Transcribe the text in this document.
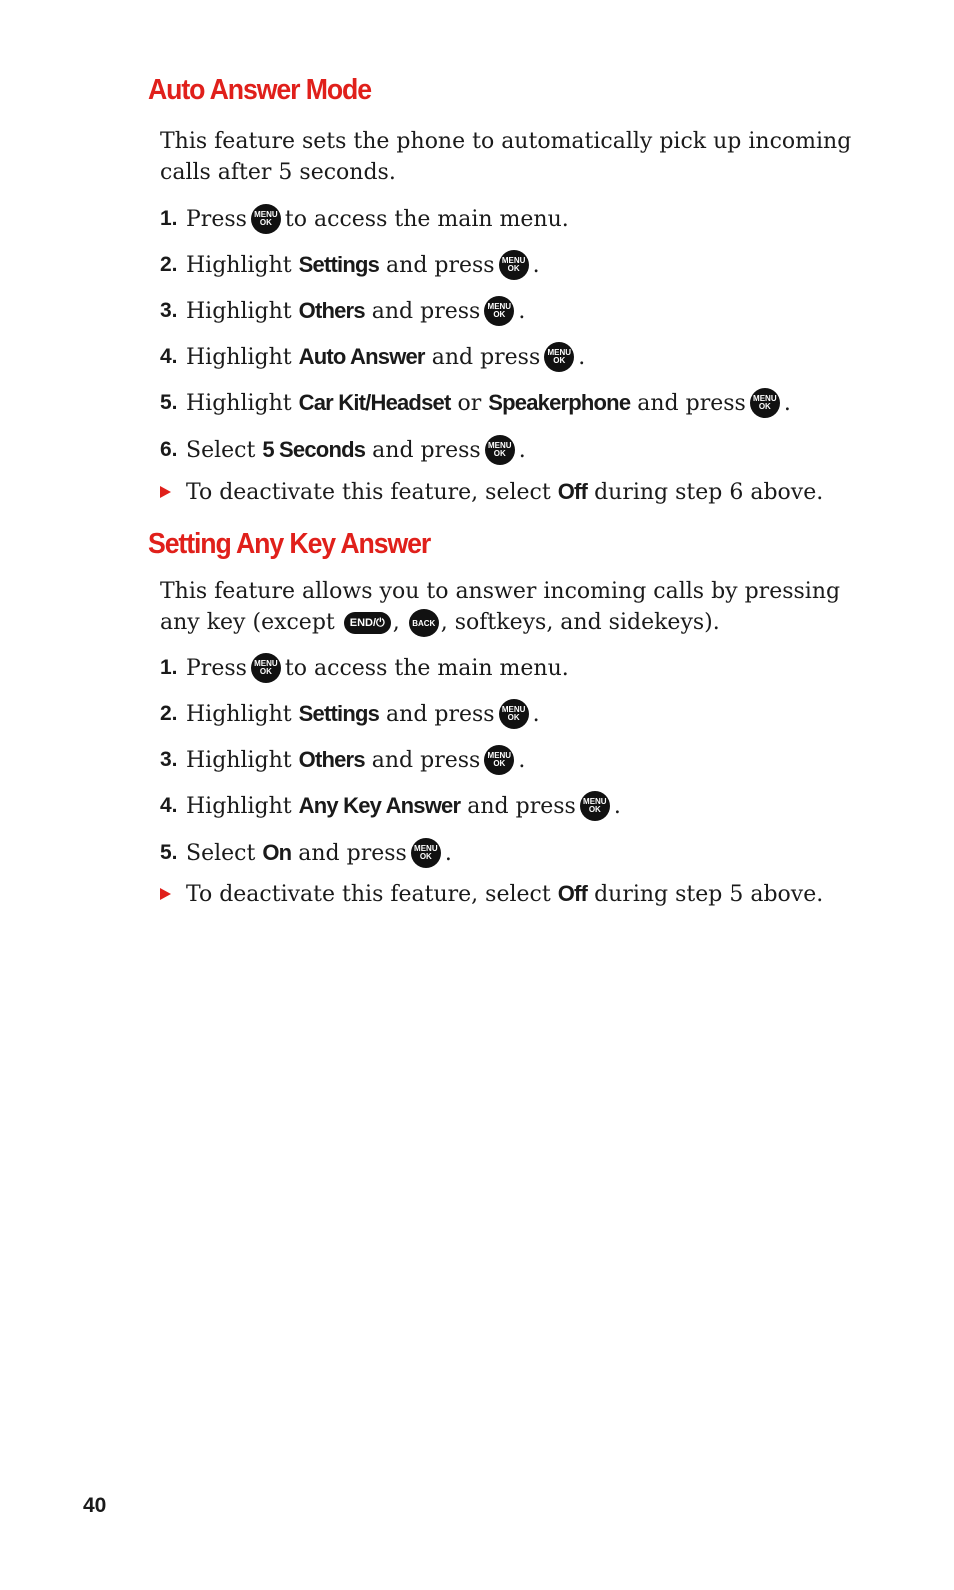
Auto Answer Mode

This feature sets the phone to automatically pick up incoming calls after 5 seconds.

1. Press MENU
OK to access the main menu.
2. Highlight
Settings
and press MENU
OK .
3. Highlight
Others
and press MENU
OK .
4. Highlight
Auto Answer
and press MENU
OK .
5. Highlight
Car Kit/Headset
or
Speakerphone
and press MENU
OK .
6. Select
5 Seconds
and press MENU
OK .
To deactivate this feature, select
Off
during step 6 above.
Setting Any Key Answer

This feature allows you to answer incoming calls by pressing any key (except END/⏻ , BACK , softkeys, and sidekeys).

1. Press MENU
OK to access the main menu.
2. Highlight
Settings
and press MENU
OK .
3. Highlight
Others
and press MENU
OK .
4. Highlight
Any Key Answer
and press MENU
OK .
5. Select
On
and press MENU
OK .
To deactivate this feature, select
Off
during step 5 above.

40
